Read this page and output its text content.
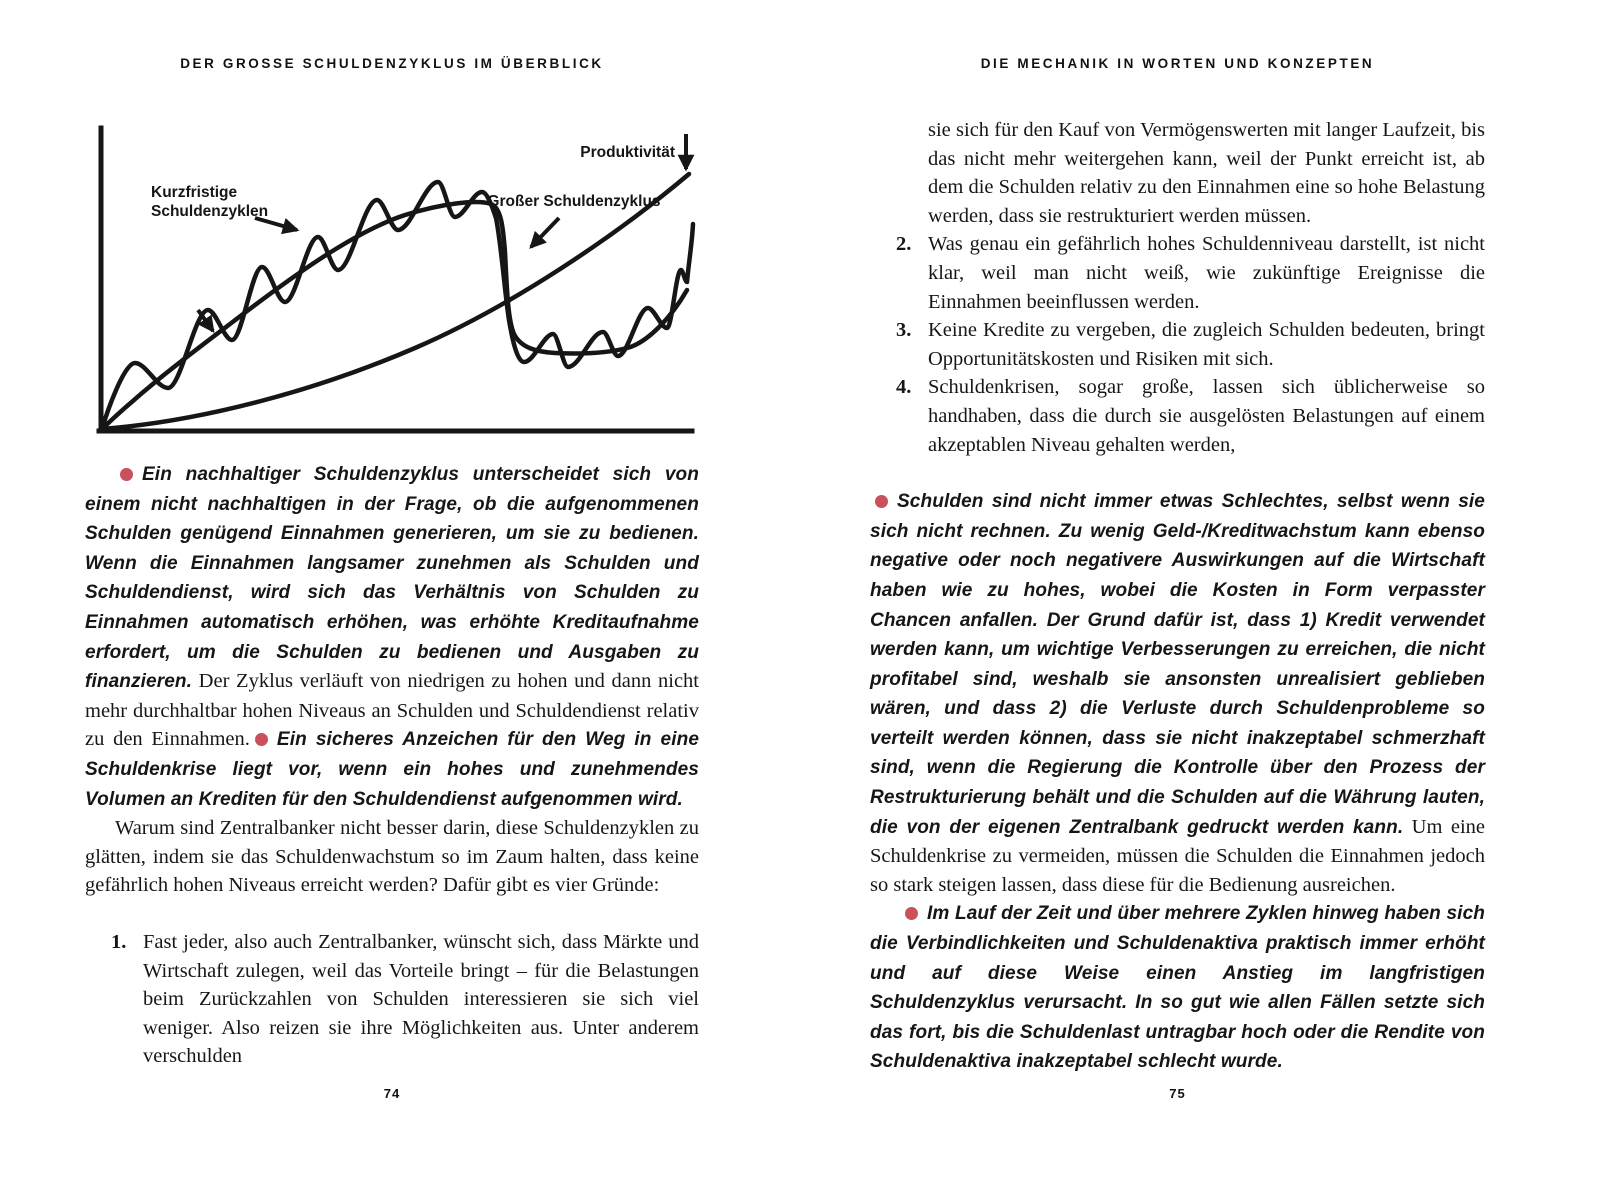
DER GROSSE SCHULDENZYKLUS IM ÜBERBLICK
Kurzfristige
Schuldenzyklen
Großer Schuldenzyklus
Produktivität

Ein nachhaltiger Schuldenzyklus unterscheidet sich von einem nicht nachhaltigen in der Frage, ob die aufgenommenen Schulden genügend Einnahmen generieren, um sie zu bedienen. Wenn die Einnahmen langsamer zunehmen als Schulden und Schuldendienst, wird sich das Verhältnis von Schulden zu Einnahmen automatisch erhöhen, was erhöhte Kreditaufnahme erfordert, um die Schulden zu bedienen und Ausgaben zu finanzieren. Der Zyklus verläuft von niedrigen zu hohen und dann nicht mehr durchhaltbar hohen Niveaus an Schulden und Schuldendienst relativ zu den Einnahmen. Ein sicheres Anzeichen für den Weg in eine Schuldenkrise liegt vor, wenn ein hohes und zunehmendes Volumen an Krediten für den Schuldendienst aufgenommen wird.

Warum sind Zentralbanker nicht besser darin, diese Schuldenzyklen zu glätten, indem sie das Schuldenwachstum so im Zaum halten, dass keine gefährlich hohen Niveaus erreicht werden? Dafür gibt es vier Gründe:

1. Fast jeder, also auch Zentralbanker, wünscht sich, dass Märkte und Wirtschaft zulegen, weil das Vorteile bringt – für die Belastungen beim Zurückzahlen von Schulden interessieren sie sich viel weniger. Also reizen sie ihre Möglichkeiten aus. Unter anderem verschulden

74
DIE MECHANIK IN WORTEN UND KONZEPTEN

sie sich für den Kauf von Vermögenswerten mit langer Laufzeit, bis das nicht mehr weitergehen kann, weil der Punkt erreicht ist, ab dem die Schulden relativ zu den Einnahmen eine so hohe Belastung werden, dass sie restrukturiert werden müssen.

2. Was genau ein gefährlich hohes Schuldenniveau darstellt, ist nicht klar, weil man nicht weiß, wie zukünftige Ereignisse die Einnahmen beeinflussen werden.

3. Keine Kredite zu vergeben, die zugleich Schulden bedeuten, bringt Opportunitätskosten und Risiken mit sich.

4. Schuldenkrisen, sogar große, lassen sich üblicherweise so handhaben, dass die durch sie ausgelösten Belastungen auf einem akzeptablen Niveau gehalten werden,

Schulden sind nicht immer etwas Schlechtes, selbst wenn sie sich nicht rechnen. Zu wenig Geld-/Kreditwachstum kann ebenso negative oder noch negativere Auswirkungen auf die Wirtschaft haben wie zu hohes, wobei die Kosten in Form verpasster Chancen anfallen. Der Grund dafür ist, dass 1) Kredit verwendet werden kann, um wichtige Verbesserungen zu erreichen, die nicht profitabel sind, weshalb sie ansonsten unrealisiert geblieben wären, und dass 2) die Verluste durch Schuldenprobleme so verteilt werden können, dass sie nicht inakzeptabel schmerzhaft sind, wenn die Regierung die Kontrolle über den Prozess der Restrukturierung behält und die Schulden auf die Währung lauten, die von der eigenen Zentralbank gedruckt werden kann. Um eine Schuldenkrise zu vermeiden, müssen die Schulden die Einnahmen jedoch so stark steigen lassen, dass diese für die Bedienung ausreichen.

Im Lauf der Zeit und über mehrere Zyklen hinweg haben sich die Verbindlichkeiten und Schuldenaktiva praktisch immer erhöht und auf diese Weise einen Anstieg im langfristigen Schuldenzyklus verursacht. In so gut wie allen Fällen setzte sich das fort, bis die Schuldenlast untragbar hoch oder die Rendite von Schuldenaktiva inakzeptabel schlecht wurde.

75
